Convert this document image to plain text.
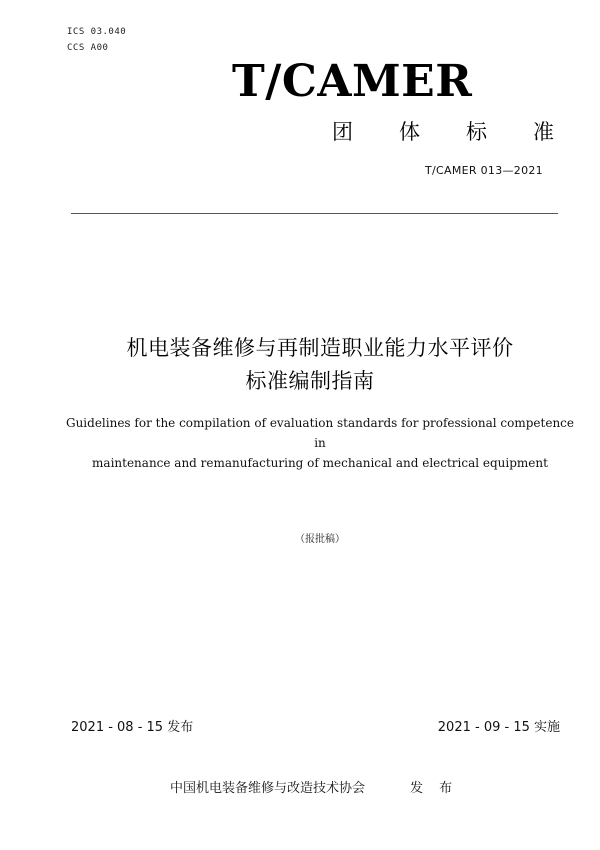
ICS 03.040
CCS A00
T/CAMER
团 体 标 准
T/CAMER 013—2021
机电装备维修与再制造职业能力水平评价
标准编制指南
Guidelines for the compilation of evaluation standards for professional competence in
maintenance and remanufacturing of mechanical and electrical equipment
（报批稿）
2021 - 08 - 15 发布	2021 - 09 - 15 实施
中国机电装备维修与改造技术协会	发 布
